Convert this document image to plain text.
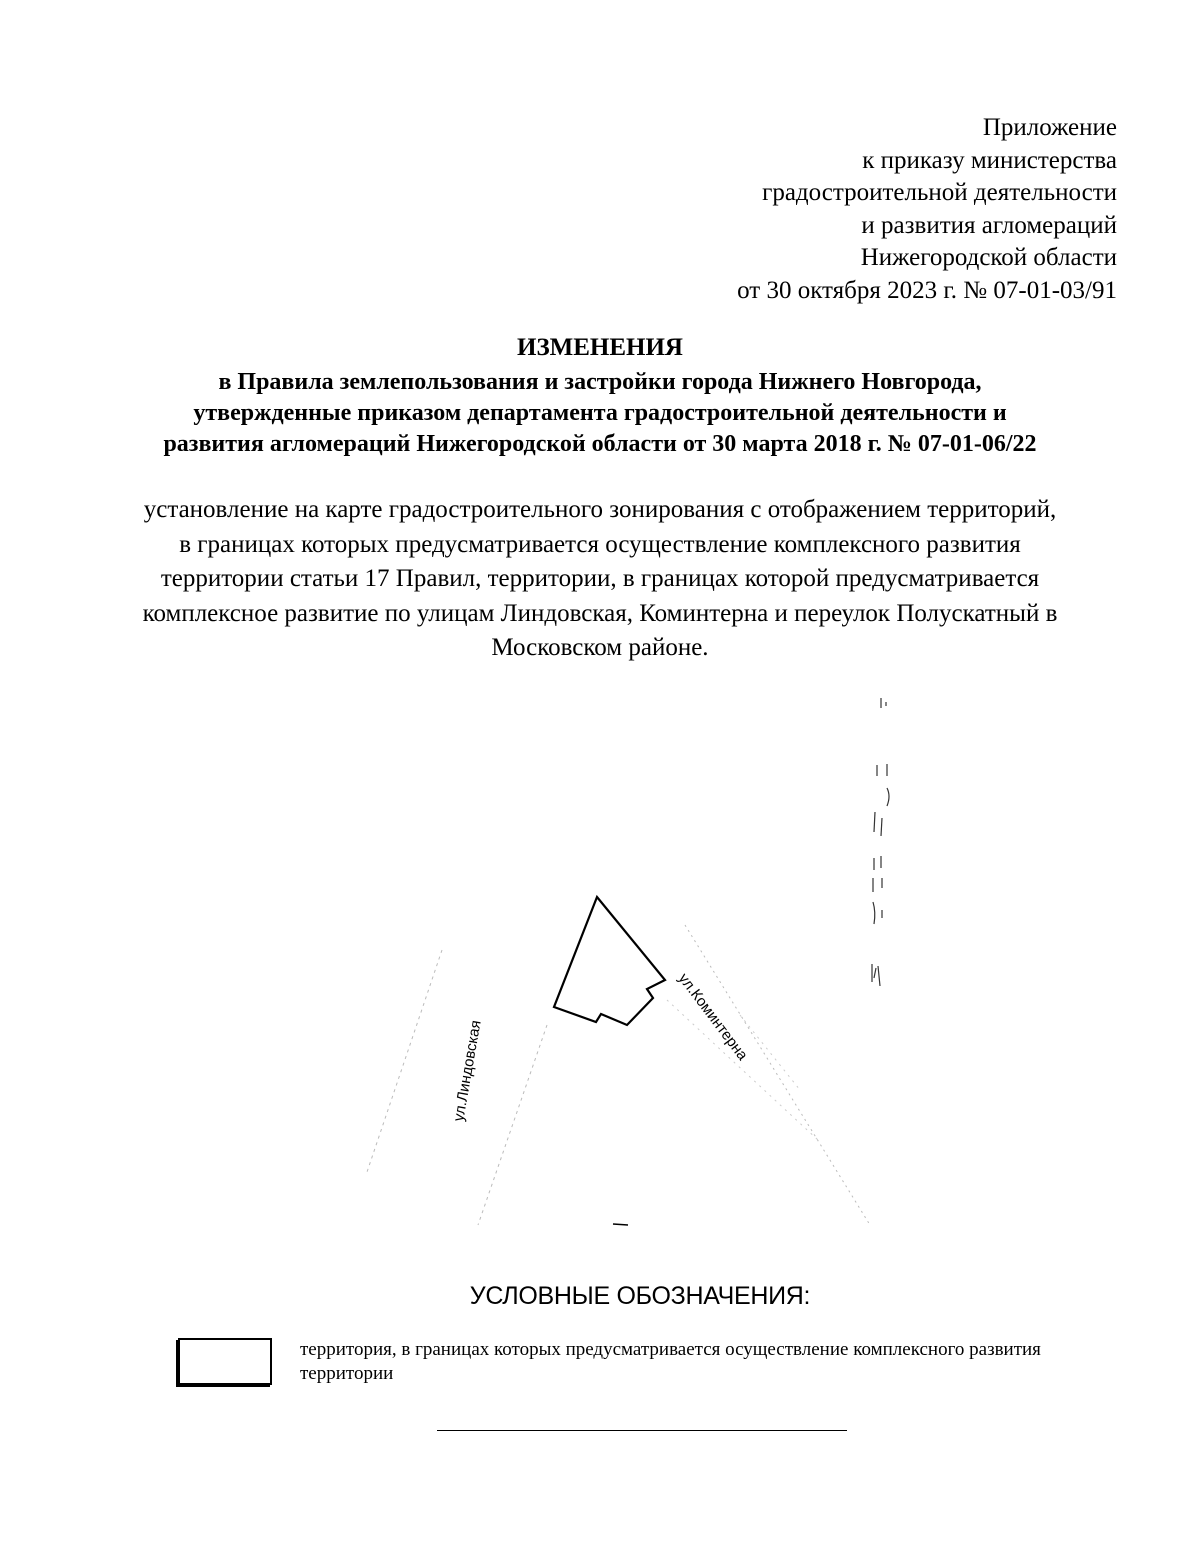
Приложение
к приказу министерства
градостроительной деятельности
и развития агломераций
Нижегородской области
от 30 октября 2023 г. № 07-01-03/91
ИЗМЕНЕНИЯ
в Правила землепользования и застройки города Нижнего Новгорода,
утвержденные приказом департамента градостроительной деятельности и
развития агломераций Нижегородской области от 30 марта 2018 г. № 07-01-06/22
установление на карте градостроительного зонирования с отображением территорий,
в границах которых предусматривается осуществление комплексного развития
территории статьи 17 Правил, территории, в границах которой предусматривается
комплексное развитие по улицам Линдовская, Коминтерна и переулок Полускатный в
Московском районе.
ул.Линдовская
ул.Коминтерна
УСЛОВНЫЕ ОБОЗНАЧЕНИЯ:
территория, в границах которых предусматривается осуществление комплексного развития территории
